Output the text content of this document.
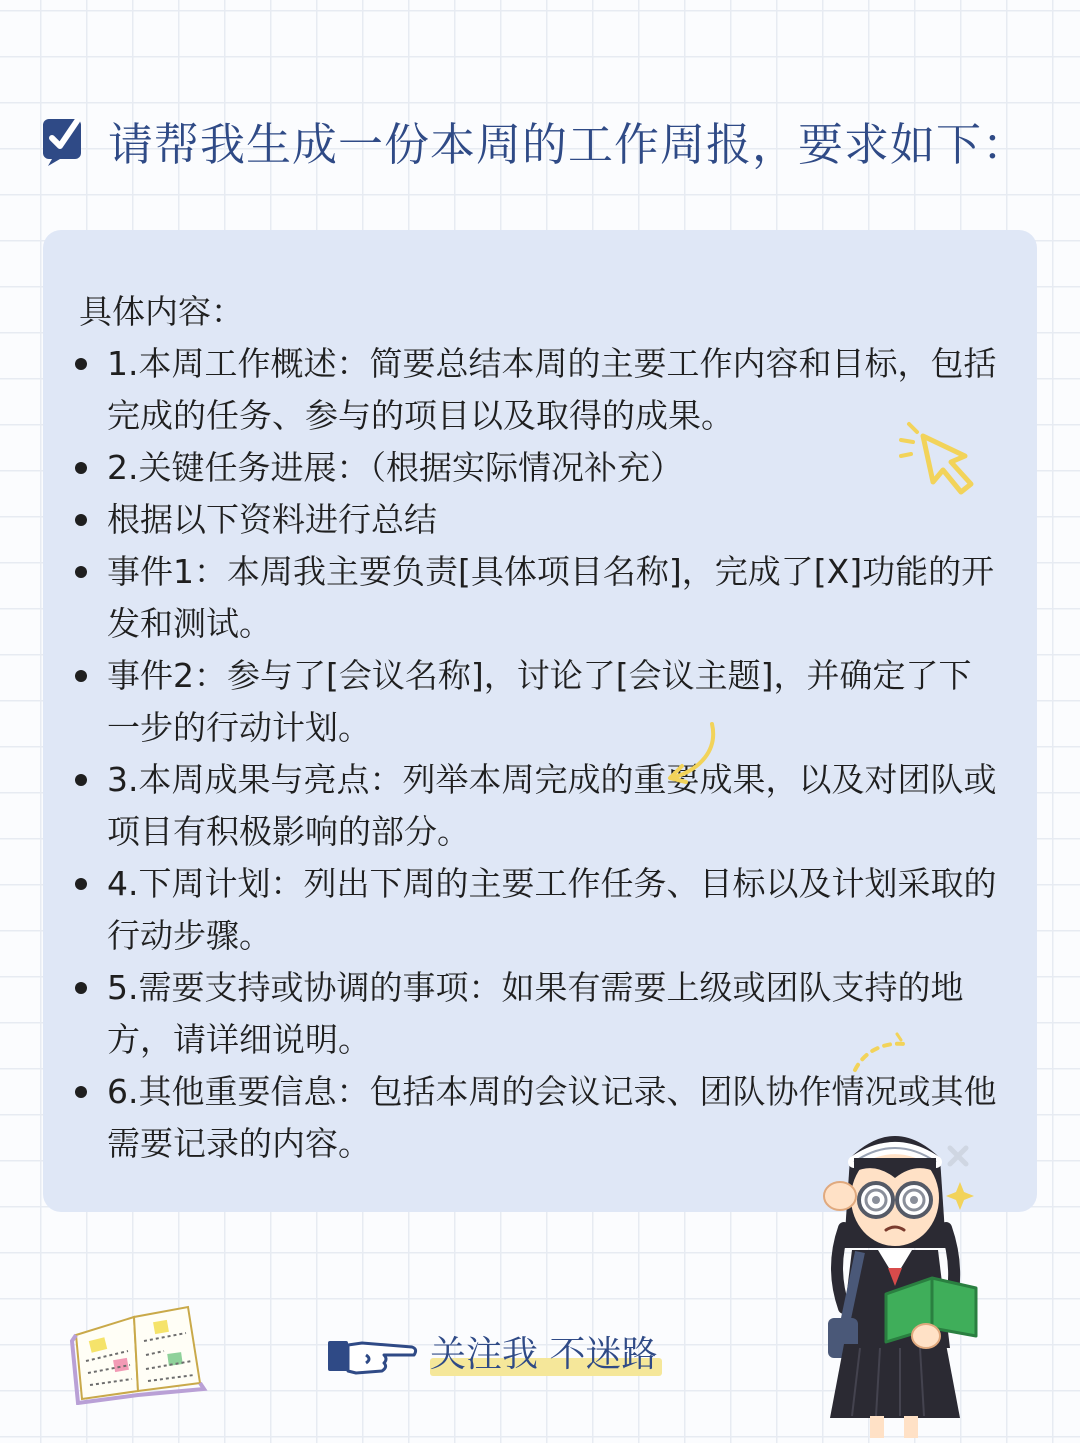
请帮我生成一份本周的工作周报，要求如下：
具体内容：
1.本周工作概述：简要总结本周的主要工作内容和目标，包括完成的任务、参与的项目以及取得的成果。
2.关键任务进展：（根据实际情况补充）
根据以下资料进行总结
事件1：本周我主要负责[具体项目名称]，完成了[X]功能的开发和测试。
事件2：参与了[会议名称]，讨论了[会议主题]，并确定了下一步的行动计划。
3.本周成果与亮点：列举本周完成的重要成果，以及对团队或项目有积极影响的部分。
4.下周计划：列出下周的主要工作任务、目标以及计划采取的行动步骤。
5.需要支持或协调的事项：如果有需要上级或团队支持的地方，请详细说明。
6.其他重要信息：包括本周的会议记录、团队协作情况或其他需要记录的内容。
关注我 不迷路
